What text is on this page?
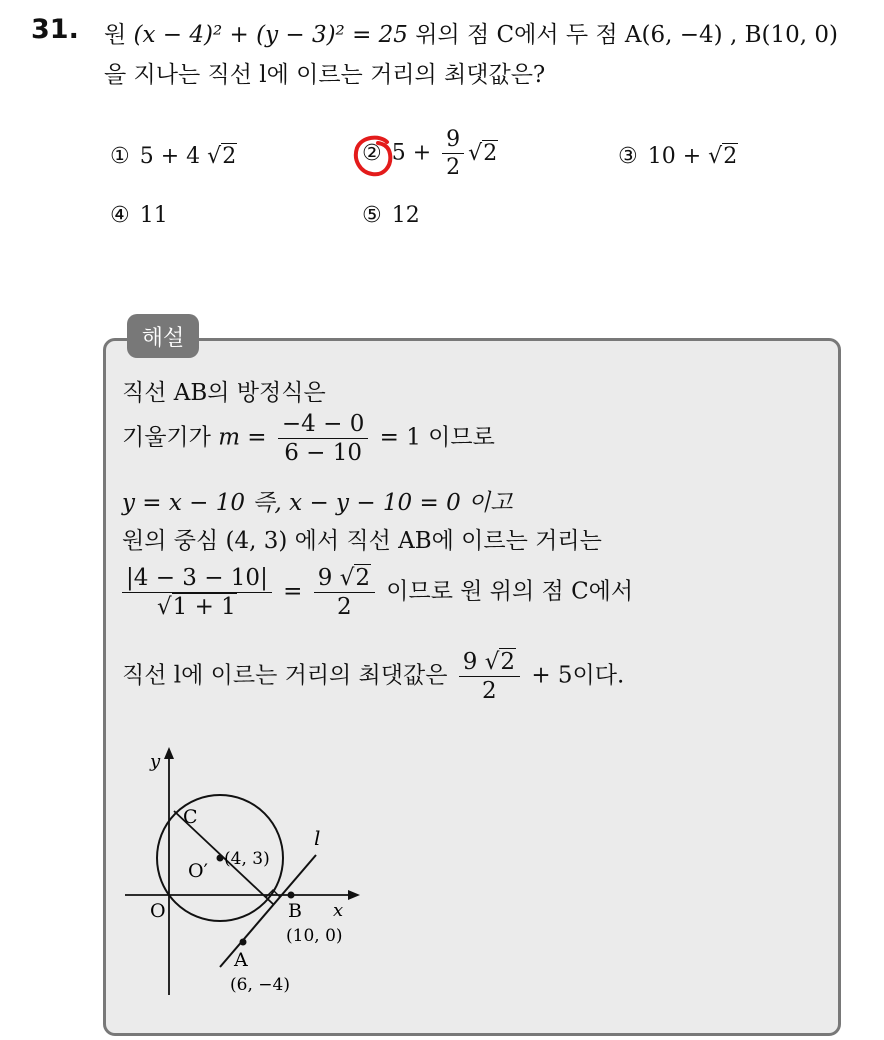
31. 원 (x − 4)² + (y − 3)² = 25 위의 점 C에서 두 점 A(6, −4) , B(10, 0)
을 지나는 직선 l에 이르는 거리의 최댓값은?
① 5 + 4 √2	② $5 + \frac{9}{2} √2$	③ 10 + √2
④ 11	⑤ 12
해설
직선 AB의 방정식은
기울기가 $m = \frac{-4 - 0}{6 - 10} = 1$ 이므로
y = x − 10 즉, x − y − 10 = 0 이고
원의 중심 (4, 3) 에서 직선 AB에 이르는 거리는
$\frac{|4 - 3 - 10|}{√1 + 1} = \frac{9 √2}{2}$ 이므로 원 위의 점 C에서
직선 l에 이르는 거리의 최댓값은 $\frac{9 √2}{2} + 5$이다.
y
x
O
C
O′
(4, 3)
l
B
(10, 0)
A
(6, −4)
